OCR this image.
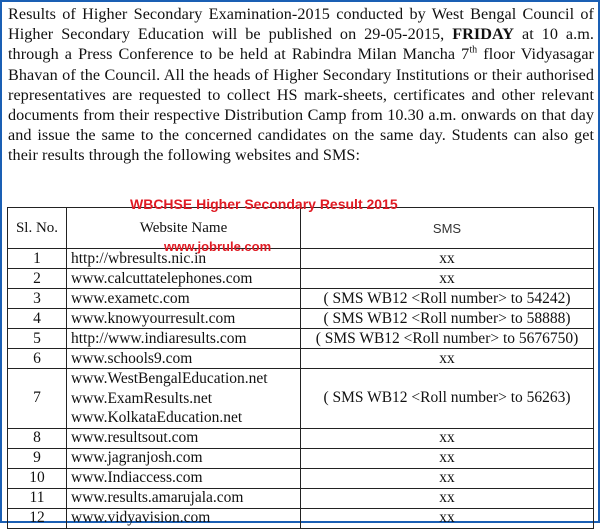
Results of Higher Secondary Examination-2015 conducted by West Bengal Council of Higher Secondary Education will be published on 29-05-2015, FRIDAY at 10 a.m. through a Press Conference to be held at Rabindra Milan Mancha 7th floor Vidyasagar Bhavan of the Council. All the heads of Higher Secondary Institutions or their authorised representatives are requested to collect HS mark-sheets, certificates and other relevant documents from their respective Distribution Camp from 10.30 a.m. onwards on that day and issue the same to the concerned candidates on the same day. Students can also get their results through the following websites and SMS:
Sl. No.	Website Name	SMS
1	http://wbresults.nic.in	xx
2	www.calcuttatelephones.com	xx
3	www.exametc.com	( SMS WB12 <Roll number> to 54242)
4	www.knowyourresult.com	( SMS WB12 <Roll number> to 58888)
5	http://www.indiaresults.com	( SMS WB12 <Roll number> to 5676750)
6	www.schools9.com	xx
7	www.WestBengalEducation.net
www.ExamResults.net
www.KolkataEducation.net	( SMS WB12 <Roll number> to 56263)
8	www.resultsout.com	xx
9	www.jagranjosh.com	xx
10	www.Indiaccess.com	xx
11	www.results.amarujala.com	xx
12	www.vidyavision.com	xx
WBCHSE Higher Secondary Result 2015
www.jobrule.com
